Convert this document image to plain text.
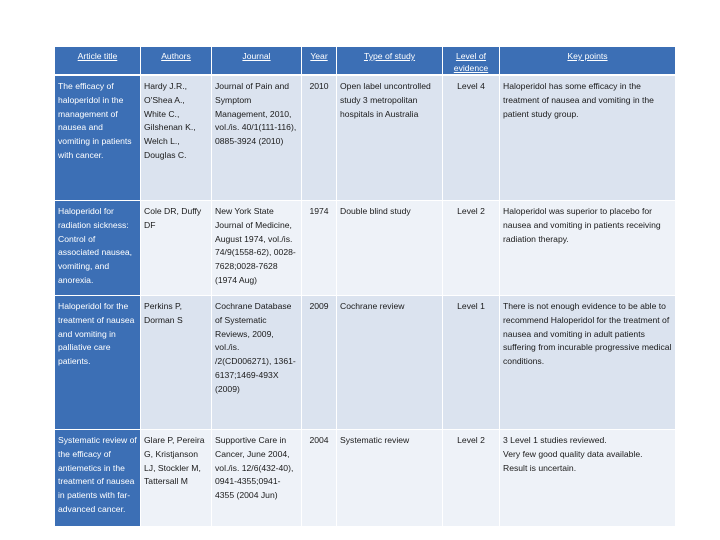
Article title	Authors	Journal	Year	Type of study	Level of evidence	Key points
The efficacy of haloperidol in the management of nausea and vomiting in patients with cancer.	Hardy J.R., O'Shea A., White C., Gilshenan K., Welch L., Douglas C.	Journal of Pain and Symptom Management, 2010, vol./is. 40/1(111-116), 0885-3924 (2010)	2010	Open label uncontrolled study 3 metropolitan hospitals in Australia	Level 4	Haloperidol has some efficacy in the treatment of nausea and vomiting in the patient study group.
Haloperidol for radiation sickness: Control of associated nausea, vomiting, and anorexia.	Cole DR, Duffy DF	New York State Journal of Medicine, August 1974, vol./is. 74/9(1558-62), 0028-7628;0028-7628 (1974 Aug)	1974	Double blind study	Level 2	Haloperidol was superior to placebo for nausea and vomiting in patients receiving radiation therapy.
Haloperidol for the treatment of nausea and vomiting in palliative care patients.	Perkins P, Dorman S	Cochrane Database of Systematic Reviews, 2009, vol./is. /2(CD006271), 1361-6137;1469-493X (2009)	2009	Cochrane review	Level 1	There is not enough evidence to be able to recommend Haloperidol for the treatment of nausea and vomiting in adult patients suffering from incurable progressive medical conditions.
Systematic review of the efficacy of antiemetics in the treatment of nausea in patients with far-advanced cancer.	Glare P, Pereira G, Kristjanson LJ, Stockler M, Tattersall M	Supportive Care in Cancer, June 2004, vol./is. 12/6(432-40), 0941-4355;0941-4355 (2004 Jun)	2004	Systematic review	Level 2	3 Level 1 studies reviewed.
Very few good quality data available.
Result is uncertain.
